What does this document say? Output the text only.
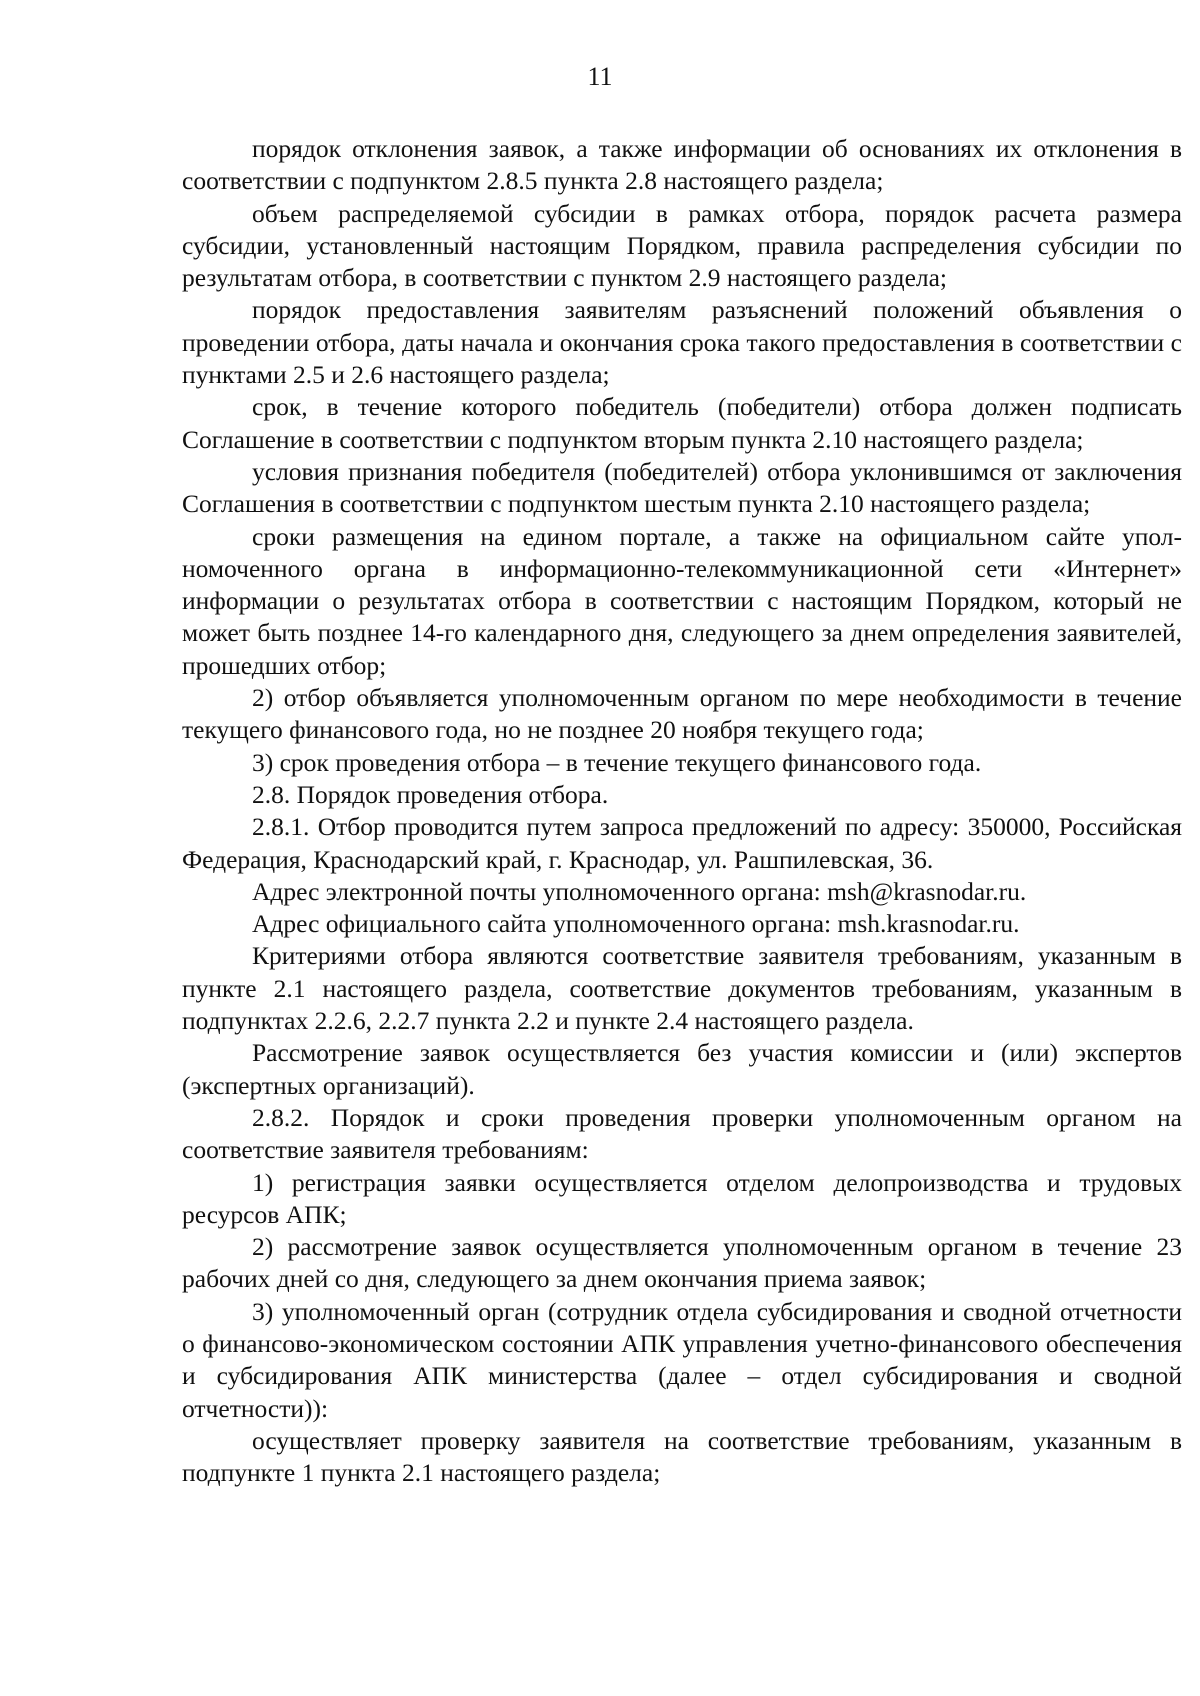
11

порядок отклонения заявок, а также информации об основаниях их отклонения в соответствии с подпунктом 2.8.5 пункта 2.8 настоящего раздела;

объем распределяемой субсидии в рамках отбора, порядок расчета размера субсидии, установленный настоящим Порядком, правила распределения субсидии по результатам отбора, в соответствии с пунктом 2.9 настоящего раздела;

порядок предоставления заявителям разъяснений положений объявления о проведении отбора, даты начала и окончания срока такого предоставления в соответствии с пунктами 2.5 и 2.6 настоящего раздела;

срок, в течение которого победитель (победители) отбора должен подписать Соглашение в соответствии с подпунктом вторым пункта 2.10 настоящего раздела;

условия признания победителя (победителей) отбора уклонившимся от заключения Соглашения в соответствии с подпунктом шестым пункта 2.10 настоящего раздела;

сроки размещения на едином портале, а также на официальном сайте уполномоченного органа в информационно-телекоммуникационной сети «Интернет» информации о результатах отбора в соответствии с настоящим Порядком, который не может быть позднее 14-го календарного дня, следующего за днем определения заявителей, прошедших отбор;

2) отбор объявляется уполномоченным органом по мере необходимости в течение текущего финансового года, но не позднее 20 ноября текущего года;

3) срок проведения отбора – в течение текущего финансового года.

2.8. Порядок проведения отбора.

2.8.1. Отбор проводится путем запроса предложений по адресу: 350000, Российская Федерация, Краснодарский край, г. Краснодар, ул. Рашпилевская, 36.

Адрес электронной почты уполномоченного органа: msh@krasnodar.ru.

Адрес официального сайта уполномоченного органа: msh.krasnodar.ru.

Критериями отбора являются соответствие заявителя требованиям, указанным в пункте 2.1 настоящего раздела, соответствие документов требованиям, указанным в подпунктах 2.2.6, 2.2.7 пункта 2.2 и пункте 2.4 настоящего раздела.

Рассмотрение заявок осуществляется без участия комиссии и (или) экспертов (экспертных организаций).

2.8.2. Порядок и сроки проведения проверки уполномоченным органом на соответствие заявителя требованиям:

1) регистрация заявки осуществляется отделом делопроизводства и трудовых ресурсов АПК;

2) рассмотрение заявок осуществляется уполномоченным органом в течение 23 рабочих дней со дня, следующего за днем окончания приема заявок;

3) уполномоченный орган (сотрудник отдела субсидирования и сводной отчетности о финансово-экономическом состоянии АПК управления учетно-финансового обеспечения и субсидирования АПК министерства (далее – отдел субсидирования и сводной отчетности)):

осуществляет проверку заявителя на соответствие требованиям, указанным в подпункте 1 пункта 2.1 настоящего раздела;
